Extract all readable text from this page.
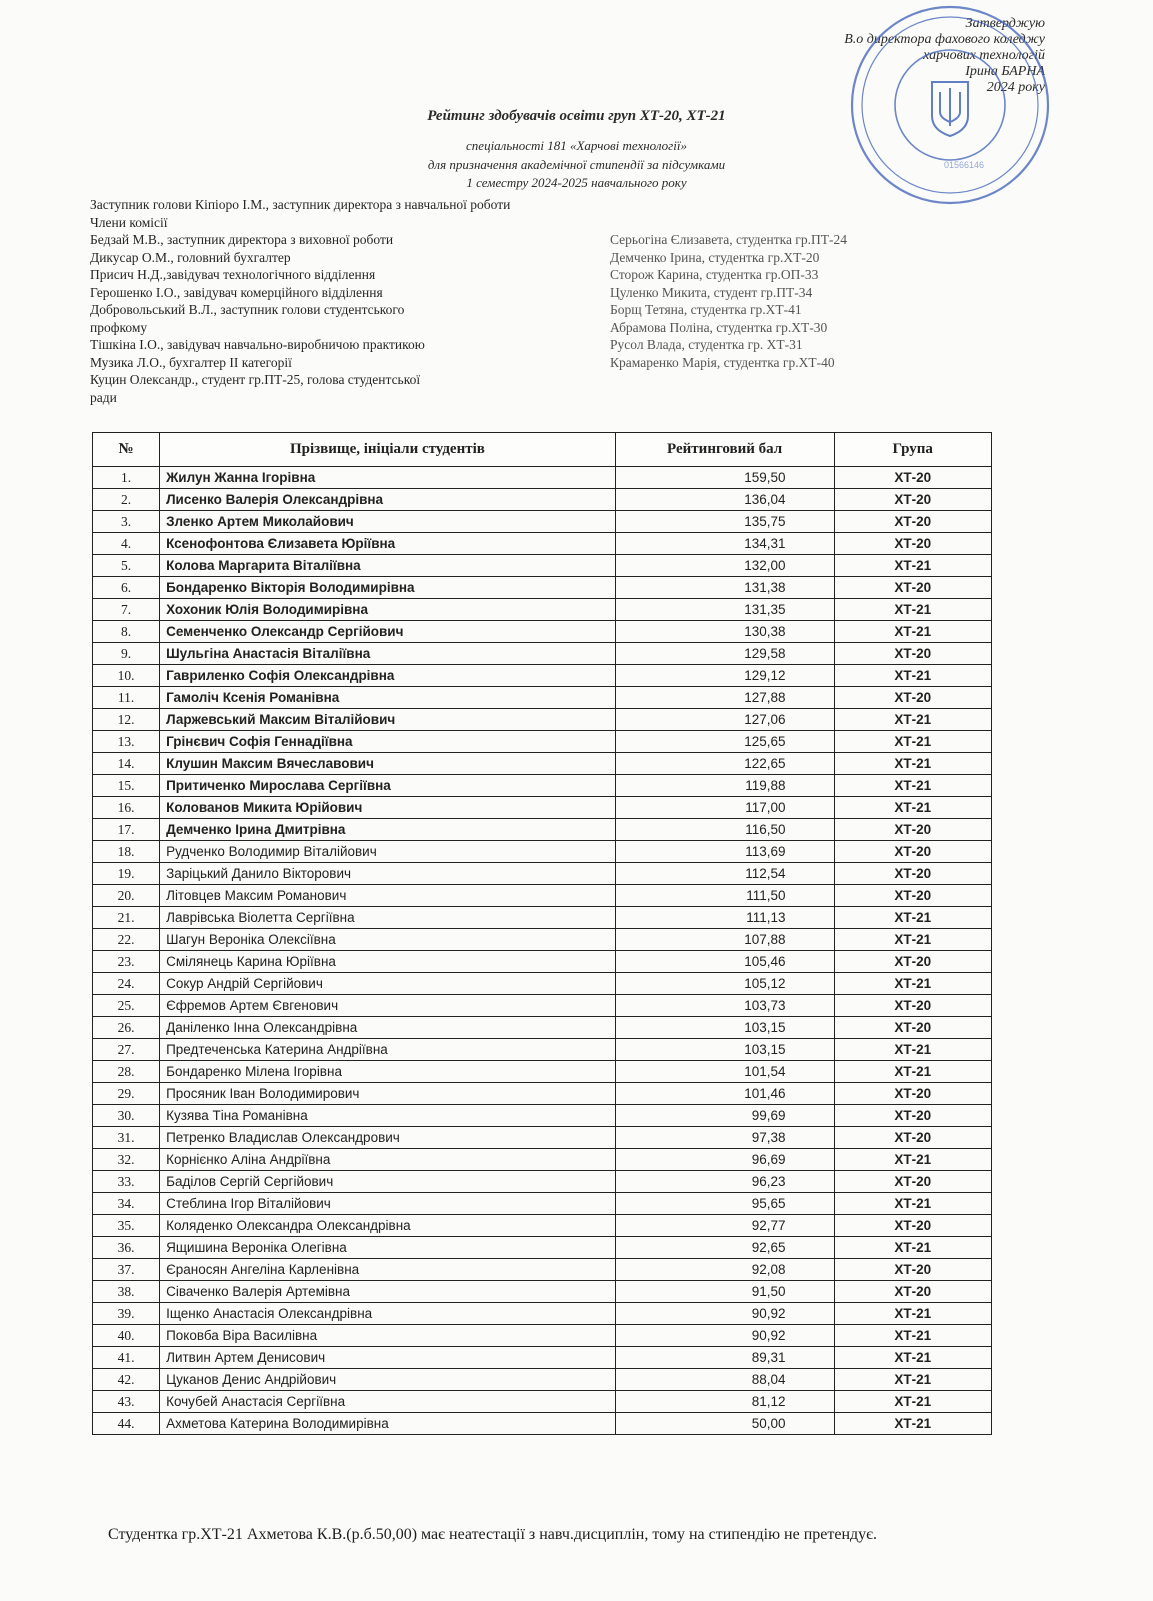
Затверджую
В.о директора фахового коледжу
харчових технологій
Ірина БАРНА
2024 року
01566146
Рейтинг здобувачів освіти груп ХТ-20, ХТ-21
спеціальності 181 «Харчові технології»
для призначення академічної стипендії за підсумками
1 семестру 2024-2025 навчального року
Заступник голови Кіпіоро І.М., заступник директора з навчальної роботи
Члени комісії
Бедзай М.В., заступник директора з виховної роботи
Дикусар О.М., головний бухгалтер
Присич Н.Д.,завідувач технологічного відділення
Герошенко І.О., завідувач комерційного відділення
Добровольський В.Л., заступник голови студентського
профкому
Тішкіна І.О., завідувач навчально-виробничою практикою
Музика Л.О., бухгалтер ІІ категорії
Куцин Олександр., студент гр.ПТ-25, голова студентської
ради
Серьогіна Єлизавета, студентка гр.ПТ-24
Демченко Ірина, студентка гр.ХТ-20
Сторож Карина, студентка гр.ОП-33
Цуленко Микита, студент гр.ПТ-34
Борщ Тетяна, студентка гр.ХТ-41
Абрамова Поліна, студентка гр.ХТ-30
Русол Влада, студентка гр. ХТ-31
Крамаренко Марія, студентка гр.ХТ-40
№	Прізвище, ініціали студентів	Рейтинговий бал	Група
1.	Жилун Жанна Ігорівна	159,50	ХТ-20
2.	Лисенко Валерія Олександрівна	136,04	ХТ-20
3.	Зленко Артем Миколайович	135,75	ХТ-20
4.	Ксенофонтова Єлизавета Юріївна	134,31	ХТ-20
5.	Колова Маргарита Віталіївна	132,00	ХТ-21
6.	Бондаренко Вікторія Володимирівна	131,38	ХТ-20
7.	Хохоник Юлія Володимирівна	131,35	ХТ-21
8.	Семенченко Олександр Сергійович	130,38	ХТ-21
9.	Шульгіна Анастасія Віталіївна	129,58	ХТ-20
10.	Гавриленко Софія Олександрівна	129,12	ХТ-21
11.	Гамоліч Ксенія Романівна	127,88	ХТ-20
12.	Ларжевський Максим Віталійович	127,06	ХТ-21
13.	Грінєвич Софія Геннадіївна	125,65	ХТ-21
14.	Клушин Максим Вячеславович	122,65	ХТ-21
15.	Притиченко Мирослава Сергіївна	119,88	ХТ-21
16.	Колованов Микита Юрійович	117,00	ХТ-21
17.	Демченко Ірина Дмитрівна	116,50	ХТ-20
18.	Рудченко Володимир Віталійович	113,69	ХТ-20
19.	Заріцький Данило Вікторович	112,54	ХТ-20
20.	Літовцев Максим Романович	111,50	ХТ-20
21.	Лаврівська Віолетта Сергіївна	111,13	ХТ-21
22.	Шагун Вероніка Олексіївна	107,88	ХТ-21
23.	Смілянець Карина Юріївна	105,46	ХТ-20
24.	Сокур Андрій Сергійович	105,12	ХТ-21
25.	Єфремов Артем Євгенович	103,73	ХТ-20
26.	Даніленко Інна Олександрівна	103,15	ХТ-20
27.	Предтеченська Катерина Андріївна	103,15	ХТ-21
28.	Бондаренко Мілена Ігорівна	101,54	ХТ-21
29.	Просяник Іван Володимирович	101,46	ХТ-20
30.	Кузява Тіна Романівна	99,69	ХТ-20
31.	Петренко Владислав Олександрович	97,38	ХТ-20
32.	Корнієнко Аліна Андріївна	96,69	ХТ-21
33.	Баділов Сергій Сергійович	96,23	ХТ-20
34.	Стеблина Ігор Віталійович	95,65	ХТ-21
35.	Коляденко Олександра Олександрівна	92,77	ХТ-20
36.	Ящишина Вероніка Олегівна	92,65	ХТ-21
37.	Єраносян Ангеліна Карленівна	92,08	ХТ-20
38.	Сіваченко Валерія Артемівна	91,50	ХТ-20
39.	Іщенко Анастасія Олександрівна	90,92	ХТ-21
40.	Поковба Віра Василівна	90,92	ХТ-21
41.	Литвин Артем Денисович	89,31	ХТ-21
42.	Цуканов Денис Андрійович	88,04	ХТ-21
43.	Кочубей Анастасія Сергіївна	81,12	ХТ-21
44.	Ахметова Катерина Володимирівна	50,00	ХТ-21
Студентка гр.ХТ-21 Ахметова К.В.(р.б.50,00) має неатестації з навч.дисциплін, тому на стипендію не претендує.
